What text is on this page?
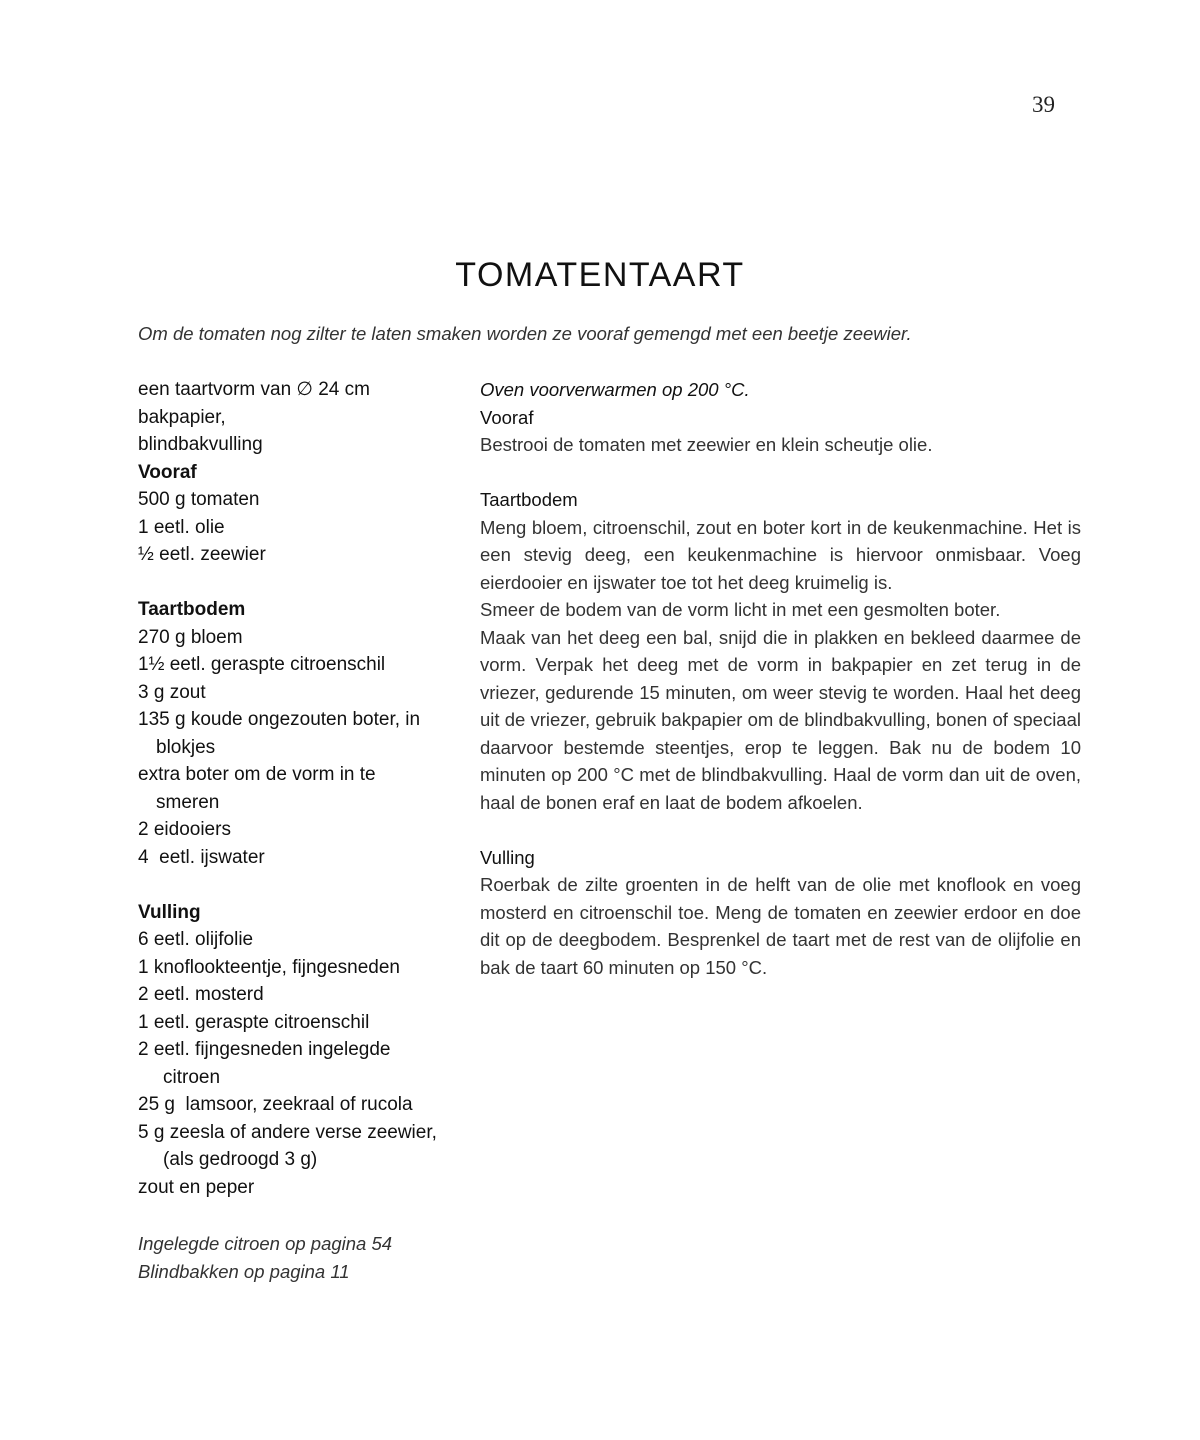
39
TOMATENTAART

Om de tomaten nog zilter te laten smaken worden ze vooraf gemengd met een beetje zeewier.

een taartvorm van ∅ 24 cm
bakpapier,
blindbakvulling
Vooraf
500 g tomaten
1 eetl. olie
½ eetl. zeewier
Taartbodem
270 g bloem
1½ eetl. geraspte citroenschil
3 g zout
135 g koude ongezouten boter, in
blokjes
extra boter om de vorm in te
smeren
2 eidooiers
4  eetl. ijswater
Vulling
6 eetl. olijfolie
1 knoflookteentje, fijngesneden
2 eetl. mosterd
1 eetl. geraspte citroenschil
2 eetl. fijngesneden ingelegde
citroen
25 g  lamsoor, zeekraal of rucola
5 g zeesla of andere verse zeewier,
(als gedroogd 3 g)
zout en peper
Ingelegde citroen op pagina 54
Blindbakken op pagina 11
Oven voorverwarmen op 200 °C.
Vooraf

Bestrooi de tomaten met zeewier en klein scheutje olie.

Taartbodem

Meng bloem, citroenschil, zout en boter kort in de keukenmachine. Het is een stevig deeg, een keukenmachine is hiervoor onmisbaar. Voeg eierdooier en ijswater toe tot het deeg kruimelig is.

Smeer de bodem van de vorm licht in met een gesmolten boter.

Maak van het deeg een bal, snijd die in plakken en bekleed daarmee de vorm. Verpak het deeg met de vorm in bakpapier en zet terug in de vriezer, gedurende 15 minuten, om weer stevig te worden. Haal het deeg uit de vriezer, gebruik bakpapier om de blindbakvulling, bonen of speciaal daarvoor bestemde steentjes, erop te leggen. Bak nu de bodem 10 minuten op 200 °C met de blindbakvulling. Haal de vorm dan uit de oven, haal de bonen eraf en laat de bodem afkoelen.

Vulling

Roerbak de zilte groenten in de helft van de olie met knoflook en voeg mosterd en citroenschil toe. Meng de tomaten en zeewier erdoor en doe dit op de deegbodem. Besprenkel de taart met de rest van de olijfolie en bak de taart 60 minuten op 150 °C.
